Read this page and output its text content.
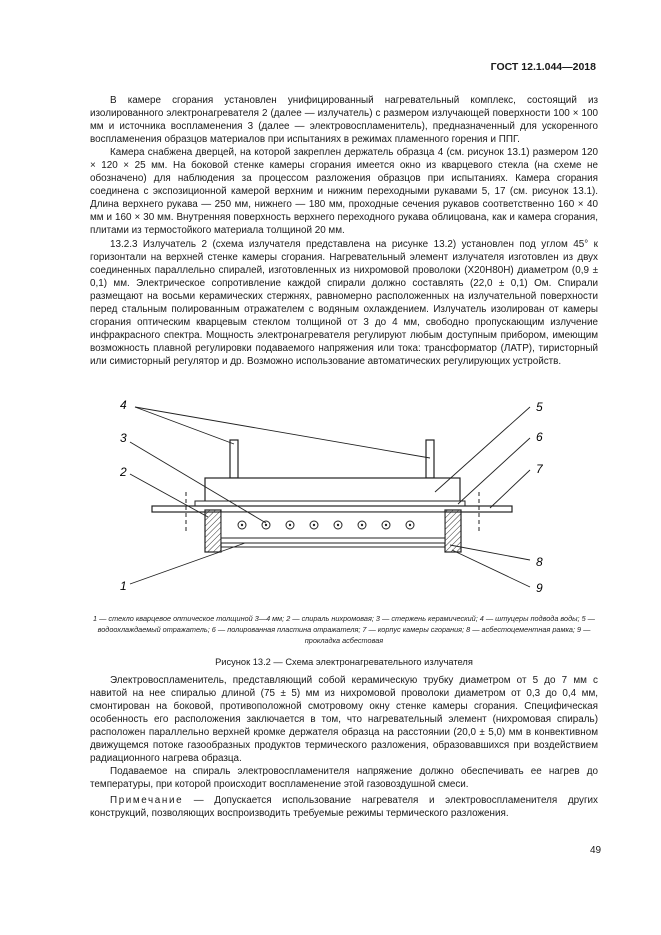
ГОСТ 12.1.044—2018

В камере сгорания установлен унифицированный нагревательный комплекс, состоящий из изолированного электронагревателя 2 (далее — излучатель) с размером излучающей поверхности 100 × 100 мм и источника воспламенения 3 (далее — электровоспламенитель), предназначенный для ускоренного воспламенения образцов материалов при испытаниях в режимах пламенного горения и ППГ.

Камера снабжена дверцей, на которой закреплен держатель образца 4 (см. рисунок 13.1) размером 120 × 120 × 25 мм. На боковой стенке камеры сгорания имеется окно из кварцевого стекла (на схеме не обозначено) для наблюдения за процессом разложения образцов при испытаниях. Камера сгорания соединена с экспозиционной камерой верхним и нижним переходными рукавами 5, 17 (см. рисунок 13.1). Длина верхнего рукава — 250 мм, нижнего — 180 мм, проходные сечения рукавов соответственно 160 × 40 мм и 160 × 30 мм. Внутренняя поверхность верхнего переходного рукава облицована, как и камера сгорания, плитами из термостойкого материала толщиной 20 мм.

13.2.3 Излучатель 2 (схема излучателя представлена на рисунке 13.2) установлен под углом 45° к горизонтали на верхней стенке камеры сгорания. Нагревательный элемент излучателя изготовлен из двух соединенных параллельно спиралей, изготовленных из нихромовой проволоки (Х20Н80Н) диаметром (0,9 ± 0,1) мм. Электрическое сопротивление каждой спирали должно составлять (22,0 ± 0,1) Ом. Спирали размещают на восьми керамических стержнях, равномерно расположенных на излучательной поверхности перед стальным полированным отражателем с водяным охлаждением. Излучатель изолирован от камеры сгорания оптическим кварцевым стеклом толщиной от 3 до 4 мм, свободно пропускающим излучение инфракрасного спектра. Мощность электронагревателя регулируют любым доступным прибором, имеющим возможность плавной регулировки подаваемого напряжения или тока: трансформатор (ЛАТР), тиристорный или симисторный регулятор и др. Возможно использование автоматических регулирующих устройств.

4
3
2
1
5
6
7
8
9
1 — стекло кварцевое оптическое толщиной 3—4 мм; 2 — спираль нихромовая; 3 — стержень керамический; 4 — штуцеры подвода воды; 5 — водоохлаждаемый отражатель; 6 — полированная пластина отражателя; 7 — корпус камеры сгорания; 8 — асбестоцементная рамка; 9 — прокладка асбестовая
Рисунок 13.2 — Схема электронагревательного излучателя

Электровоспламенитель, представляющий собой керамическую трубку диаметром от 5 до 7 мм с навитой на нее спиралью длиной (75 ± 5) мм из нихромовой проволоки диаметром от 0,3 до 0,4 мм, смонтирован на боковой, противоположной смотровому окну стенке камеры сгорания. Специфическая особенность его расположения заключается в том, что нагревательный элемент (нихромовая спираль) расположен параллельно верхней кромке держателя образца на расстоянии (20,0 ± 5,0) мм в конвективном движущемся потоке газообразных продуктов термического разложения, образовавшихся при воздействием радиационного нагрева образца.

Подаваемое на спираль электровоспламенителя напряжение должно обеспечивать ее нагрев до температуры, при которой происходит воспламенение этой газовоздушной смеси.

Примечание — Допускается использование нагревателя и электровоспламенителя других конструкций, позволяющих воспроизводить требуемые режимы термического разложения.

49
